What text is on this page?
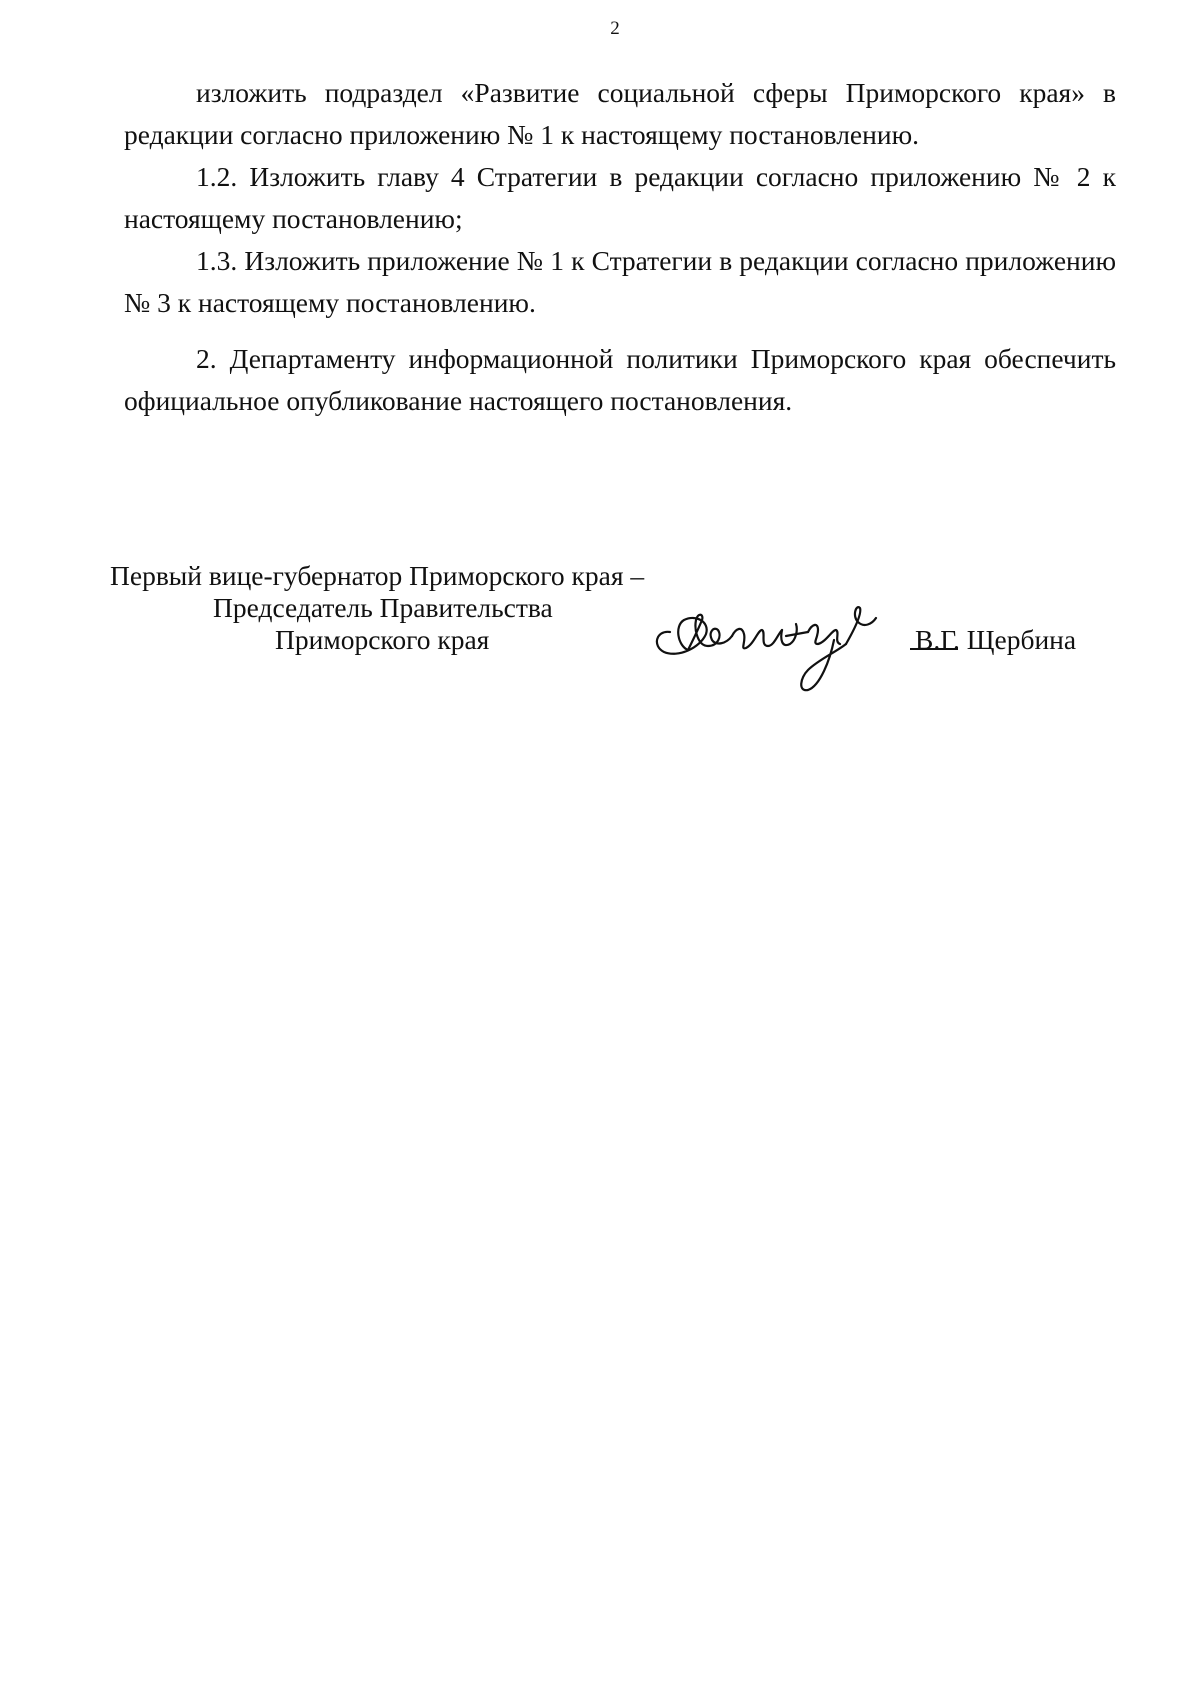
2

изложить подраздел «Развитие социальной сферы Приморского края» в редакции согласно приложению № 1 к настоящему постановлению.

1.2. Изложить главу 4 Стратегии в редакции согласно приложению № 2 к настоящему постановлению;

1.3. Изложить приложение № 1 к Стратегии в редакции согласно приложению № 3 к настоящему постановлению.

2. Департаменту информационной политики Приморского края обеспечить официальное опубликование настоящего постановления.

Первый вице-губернатор Приморского края –
Председатель Правительства
Приморского края	В.Г. Щербина
